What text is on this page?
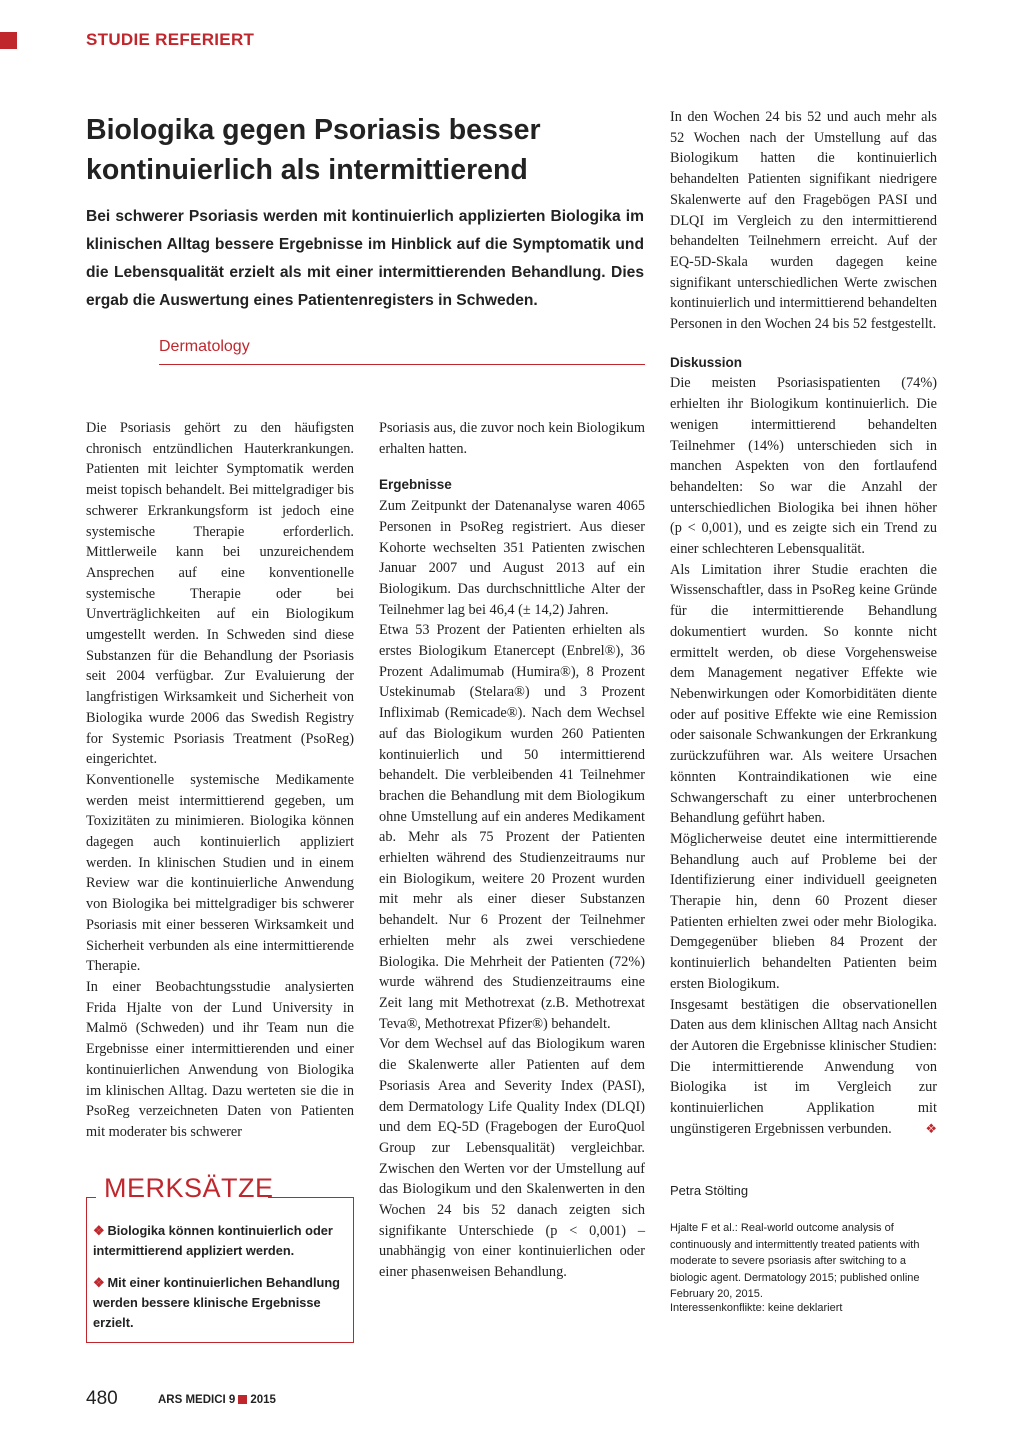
STUDIE REFERIERT
Biologika gegen Psoriasis besser kontinuierlich als intermittierend
Bei schwerer Psoriasis werden mit kontinuierlich applizierten Biologika im klinischen Alltag bessere Ergebnisse im Hinblick auf die Symptomatik und die Lebensqualität erzielt als mit einer intermittierenden Behandlung. Dies ergab die Auswertung eines Patientenregisters in Schweden.
Dermatology

Die Psoriasis gehört zu den häufigsten chronisch entzündlichen Hauterkrankungen. Patienten mit leichter Symptomatik werden meist topisch behandelt. Bei mittelgradiger bis schwerer Erkrankungsform ist jedoch eine systemische Therapie erforderlich. Mittlerweile kann bei unzureichendem Ansprechen auf eine konventionelle systemische Therapie oder bei Unverträglichkeiten auf ein Biologikum umgestellt werden. In Schweden sind diese Substanzen für die Behandlung der Psoriasis seit 2004 verfügbar. Zur Evaluierung der langfristigen Wirksamkeit und Sicherheit von Biologika wurde 2006 das Swedish Registry for Systemic Psoriasis Treatment (PsoReg) eingerichtet.

Konventionelle systemische Medikamente werden meist intermittierend gegeben, um Toxizitäten zu minimieren. Biologika können dagegen auch kontinuierlich appliziert werden. In klinischen Studien und in einem Review war die kontinuierliche Anwendung von Biologika bei mittelgradiger bis schwerer Psoriasis mit einer besseren Wirksamkeit und Sicherheit verbunden als eine intermittierende Therapie.

In einer Beobachtungsstudie analysierten Frida Hjalte von der Lund University in Malmö (Schweden) und ihr Team nun die Ergebnisse einer intermittierenden und einer kontinuierlichen Anwendung von Biologika im klinischen Alltag. Dazu werteten sie die in PsoReg verzeichneten Daten von Patienten mit moderater bis schwerer

Psoriasis aus, die zuvor noch kein Biologikum erhalten hatten.

Ergebnisse

Zum Zeitpunkt der Datenanalyse waren 4065 Personen in PsoReg registriert. Aus dieser Kohorte wechselten 351 Patienten zwischen Januar 2007 und August 2013 auf ein Biologikum. Das durchschnittliche Alter der Teilnehmer lag bei 46,4 (± 14,2) Jahren.

Etwa 53 Prozent der Patienten erhielten als erstes Biologikum Etanercept (Enbrel®), 36 Prozent Adalimumab (Humira®), 8 Prozent Ustekinumab (Stelara®) und 3 Prozent Infliximab (Remicade®). Nach dem Wechsel auf das Biologikum wurden 260 Patienten kontinuierlich und 50 intermittierend behandelt. Die verbleibenden 41 Teilnehmer brachen die Behandlung mit dem Biologikum ohne Umstellung auf ein anderes Medikament ab. Mehr als 75 Prozent der Patienten erhielten während des Studienzeitraums nur ein Biologikum, weitere 20 Prozent wurden mit mehr als einer dieser Substanzen behandelt. Nur 6 Prozent der Teilnehmer erhielten mehr als zwei verschiedene Biologika. Die Mehrheit der Patienten (72%) wurde während des Studienzeitraums eine Zeit lang mit Methotrexat (z.B. Methotrexat Teva®, Methotrexat Pfizer®) behandelt.

Vor dem Wechsel auf das Biologikum waren die Skalenwerte aller Patienten auf dem Psoriasis Area and Severity Index (PASI), dem Dermatology Life Quality Index (DLQI) und dem EQ-5D (Fragebogen der EuroQuol Group zur Lebensqualität) vergleichbar. Zwischen den Werten vor der Umstellung auf das Biologikum und den Skalenwerten in den Wochen 24 bis 52 danach zeigten sich signifikante Unterschiede (p < 0,001) – unabhängig von einer kontinuierlichen oder einer phasenweisen Behandlung.

In den Wochen 24 bis 52 und auch mehr als 52 Wochen nach der Umstellung auf das Biologikum hatten die kontinuierlich behandelten Patienten signifikant niedrigere Skalenwerte auf den Fragebögen PASI und DLQI im Vergleich zu den intermittierend behandelten Teilnehmern erreicht. Auf der EQ-5D-Skala wurden dagegen keine signifikant unterschiedlichen Werte zwischen kontinuierlich und intermittierend behandelten Personen in den Wochen 24 bis 52 festgestellt.

Diskussion

Die meisten Psoriasispatienten (74%) erhielten ihr Biologikum kontinuierlich. Die wenigen intermittierend behandelten Teilnehmer (14%) unterschieden sich in manchen Aspekten von den fortlaufend behandelten: So war die Anzahl der unterschiedlichen Biologika bei ihnen höher (p < 0,001), und es zeigte sich ein Trend zu einer schlechteren Lebensqualität.

Als Limitation ihrer Studie erachten die Wissenschaftler, dass in PsoReg keine Gründe für die intermittierende Behandlung dokumentiert wurden. So konnte nicht ermittelt werden, ob diese Vorgehensweise dem Management negativer Effekte wie Nebenwirkungen oder Komorbiditäten diente oder auf positive Effekte wie eine Remission oder saisonale Schwankungen der Erkrankung zurückzuführen war. Als weitere Ursachen könnten Kontraindikationen wie eine Schwangerschaft zu einer unterbrochenen Behandlung geführt haben.

Möglicherweise deutet eine intermittierende Behandlung auch auf Probleme bei der Identifizierung einer individuell geeigneten Therapie hin, denn 60 Prozent dieser Patienten erhielten zwei oder mehr Biologika. Demgegenüber blieben 84 Prozent der kontinuierlich behandelten Patienten beim ersten Biologikum.

Insgesamt bestätigen die observationellen Daten aus dem klinischen Alltag nach Ansicht der Autoren die Ergebnisse klinischer Studien: Die intermittierende Anwendung von Biologika ist im Vergleich zur kontinuierlichen Applikation mit ungünstigeren Ergebnissen verbunden.	❖

MERKSÄTZE
❖ Biologika können kontinuierlich oder intermittierend appliziert werden.
❖ Mit einer kontinuierlichen Behandlung werden bessere klinische Ergebnisse erzielt.
Petra Stölting
Hjalte F et al.: Real-world outcome analysis of continuously and intermittently treated patients with moderate to severe psoriasis after switching to a biologic agent. Dermatology 2015; published online February 20, 2015.
Interessenkonflikte: keine deklariert
480	ARS MEDICI 9 2015
